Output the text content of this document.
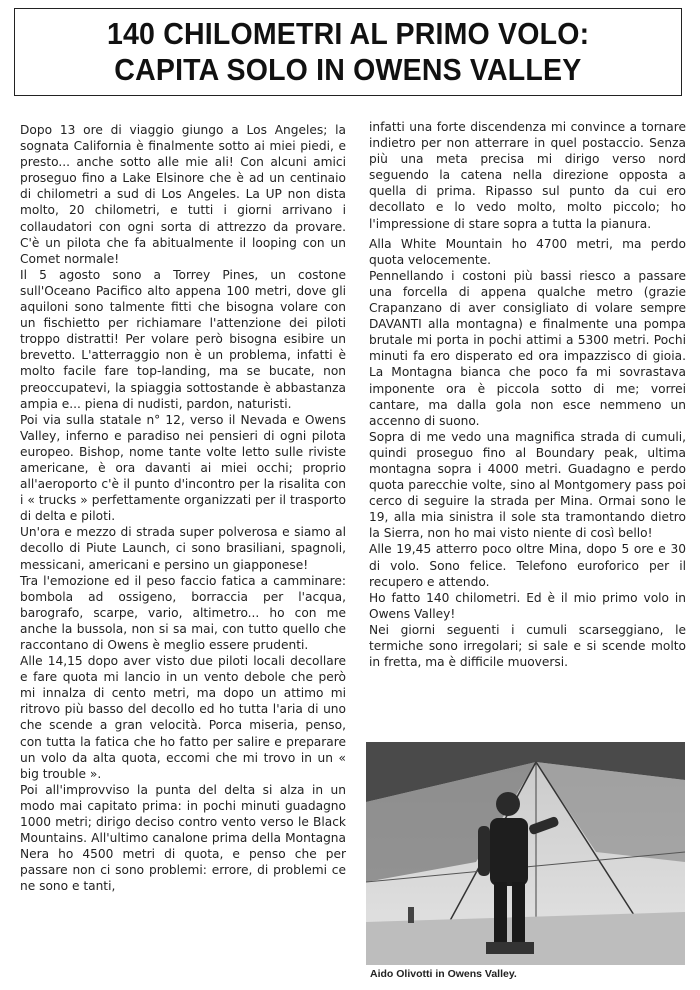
140 CHILOMETRI AL PRIMO VOLO:
CAPITA SOLO IN OWENS VALLEY

Dopo 13 ore di viaggio giungo a Los Angeles; la sognata California è finalmente sotto ai miei piedi, e presto... anche sotto alle mie ali! Con alcuni amici proseguo fino a Lake Elsinore che è ad un centinaio di chilometri a sud di Los Angeles. La UP non dista molto, 20 chilometri, e tutti i giorni arrivano i collaudatori con ogni sorta di attrezzo da provare. C'è un pilota che fa abitualmente il looping con un Comet normale!

Il 5 agosto sono a Torrey Pines, un costone sull'Oceano Pacifico alto appena 100 metri, dove gli aquiloni sono talmente fitti che bisogna volare con un fischietto per richiamare l'attenzione dei piloti troppo distratti! Per volare però bisogna esibire un brevetto. L'atterraggio non è un problema, infatti è molto facile fare top-landing, ma se bucate, non preoccupatevi, la spiaggia sottostande è abbastanza ampia e... piena di nudisti, pardon, naturisti.

Poi via sulla statale n° 12, verso il Nevada e Owens Valley, inferno e paradiso nei pensieri di ogni pilota europeo. Bishop, nome tante volte letto sulle riviste americane, è ora davanti ai miei occhi; proprio all'aeroporto c'è il punto d'incontro per la risalita con i « trucks » perfettamente organizzati per il trasporto di delta e piloti.

Un'ora e mezzo di strada super polverosa e siamo al decollo di Piute Launch, ci sono brasiliani, spagnoli, messicani, americani e persino un giapponese!

Tra l'emozione ed il peso faccio fatica a camminare: bombola ad ossigeno, borraccia per l'acqua, barografo, scarpe, vario, altimetro... ho con me anche la bussola, non si sa mai, con tutto quello che raccontano di Owens è meglio essere prudenti.

Alle 14,15 dopo aver visto due piloti locali decollare e fare quota mi lancio in un vento debole che però mi innalza di cento metri, ma dopo un attimo mi ritrovo più basso del decollo ed ho tutta l'aria di uno che scende a gran velocità. Porca miseria, penso, con tutta la fatica che ho fatto per salire e preparare un volo da alta quota, eccomi che mi trovo in un « big trouble ».

Poi all'improvviso la punta del delta si alza in un modo mai capitato prima: in pochi minuti guadagno 1000 metri; dirigo deciso contro vento verso le Black Mountains. All'ultimo canalone prima della Montagna Nera ho 4500 metri di quota, e penso che per passare non ci sono problemi: errore, di problemi ce ne sono e tanti,

infatti una forte discendenza mi convince a tornare indietro per non atterrare in quel postaccio. Senza più una meta precisa mi dirigo verso nord seguendo la catena nella direzione opposta a quella di prima. Ripasso sul punto da cui ero decollato e lo vedo molto, molto piccolo; ho l'impressione di stare sopra a tutta la pianura.

Alla White Mountain ho 4700 metri, ma perdo quota velocemente.

Pennellando i costoni più bassi riesco a passare una forcella di appena qualche metro (grazie Crapanzano di aver consigliato di volare sempre DAVANTI alla montagna) e finalmente una pompa brutale mi porta in pochi attimi a 5300 metri. Pochi minuti fa ero disperato ed ora impazzisco di gioia. La Montagna bianca che poco fa mi sovrastava imponente ora è piccola sotto di me; vorrei cantare, ma dalla gola non esce nemmeno un accenno di suono.

Sopra di me vedo una magnifica strada di cumuli, quindi proseguo fino al Boundary peak, ultima montagna sopra i 4000 metri. Guadagno e perdo quota parecchie volte, sino al Montgomery pass poi cerco di seguire la strada per Mina. Ormai sono le 19, alla mia sinistra il sole sta tramontando dietro la Sierra, non ho mai visto niente di così bello!

Alle 19,45 atterro poco oltre Mina, dopo 5 ore e 30 di volo. Sono felice. Telefono euroforico per il recupero e attendo.

Ho fatto 140 chilometri. Ed è il mio primo volo in Owens Valley!

Nei giorni seguenti i cumuli scarseggiano, le termiche sono irregolari; si sale e si scende molto in fretta, ma è difficile muoversi.

Aido Olivotti in Owens Valley.
